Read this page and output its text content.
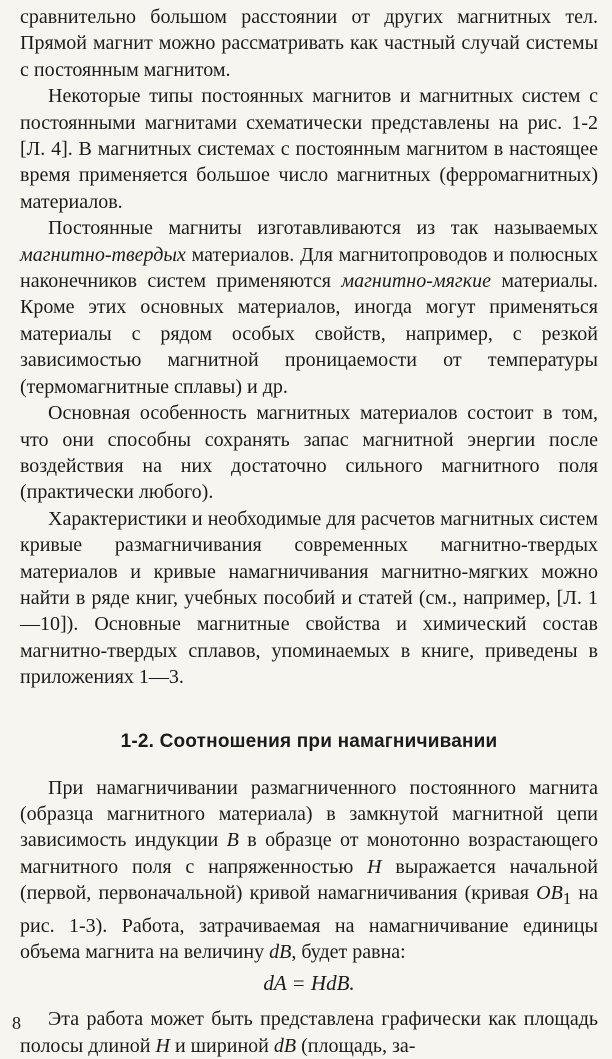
сравнительно большом расстоянии от других магнитных тел. Прямой магнит можно рассматривать как частный случай системы с постоянным магнитом.

Некоторые типы постоянных магнитов и магнитных систем с постоянными магнитами схематически представлены на рис. 1-2 [Л. 4]. В магнитных системах с постоянным магнитом в настоящее время применяется большое число магнитных (ферромагнитных) материалов.

Постоянные магниты изготавливаются из так называемых магнитно-твердых материалов. Для магнитопроводов и полюсных наконечников систем применяются магнитно-мягкие материалы. Кроме этих основных материалов, иногда могут применяться материалы с рядом особых свойств, например, с резкой зависимостью магнитной проницаемости от температуры (термомагнитные сплавы) и др.

Основная особенность магнитных материалов состоит в том, что они способны сохранять запас магнитной энергии после воздействия на них достаточно сильного магнитного поля (практически любого).

Характеристики и необходимые для расчетов магнитных систем кривые размагничивания современных магнитно-твердых материалов и кривые намагничивания магнитно-мягких можно найти в ряде книг, учебных пособий и статей (см., например, [Л. 1—10]). Основные магнитные свойства и химический состав магнитно-твердых сплавов, упоминаемых в книге, приведены в приложениях 1—3.

1-2. Соотношения при намагничивании

При намагничивании размагниченного постоянного магнита (образца магнитного материала) в замкнутой магнитной цепи зависимость индукции B в образце от монотонно возрастающего магнитного поля с напряженностью H выражается начальной (первой, первоначальной) кривой намагничивания (кривая $OB_1$ на рис. 1-3). Работа, затрачиваемая на намагничивание единицы объема магнита на величину dB, будет равна:

dA = HdB.

Эта работа может быть представлена графически как площадь полосы длиной H и шириной dB (площадь, за-

8
